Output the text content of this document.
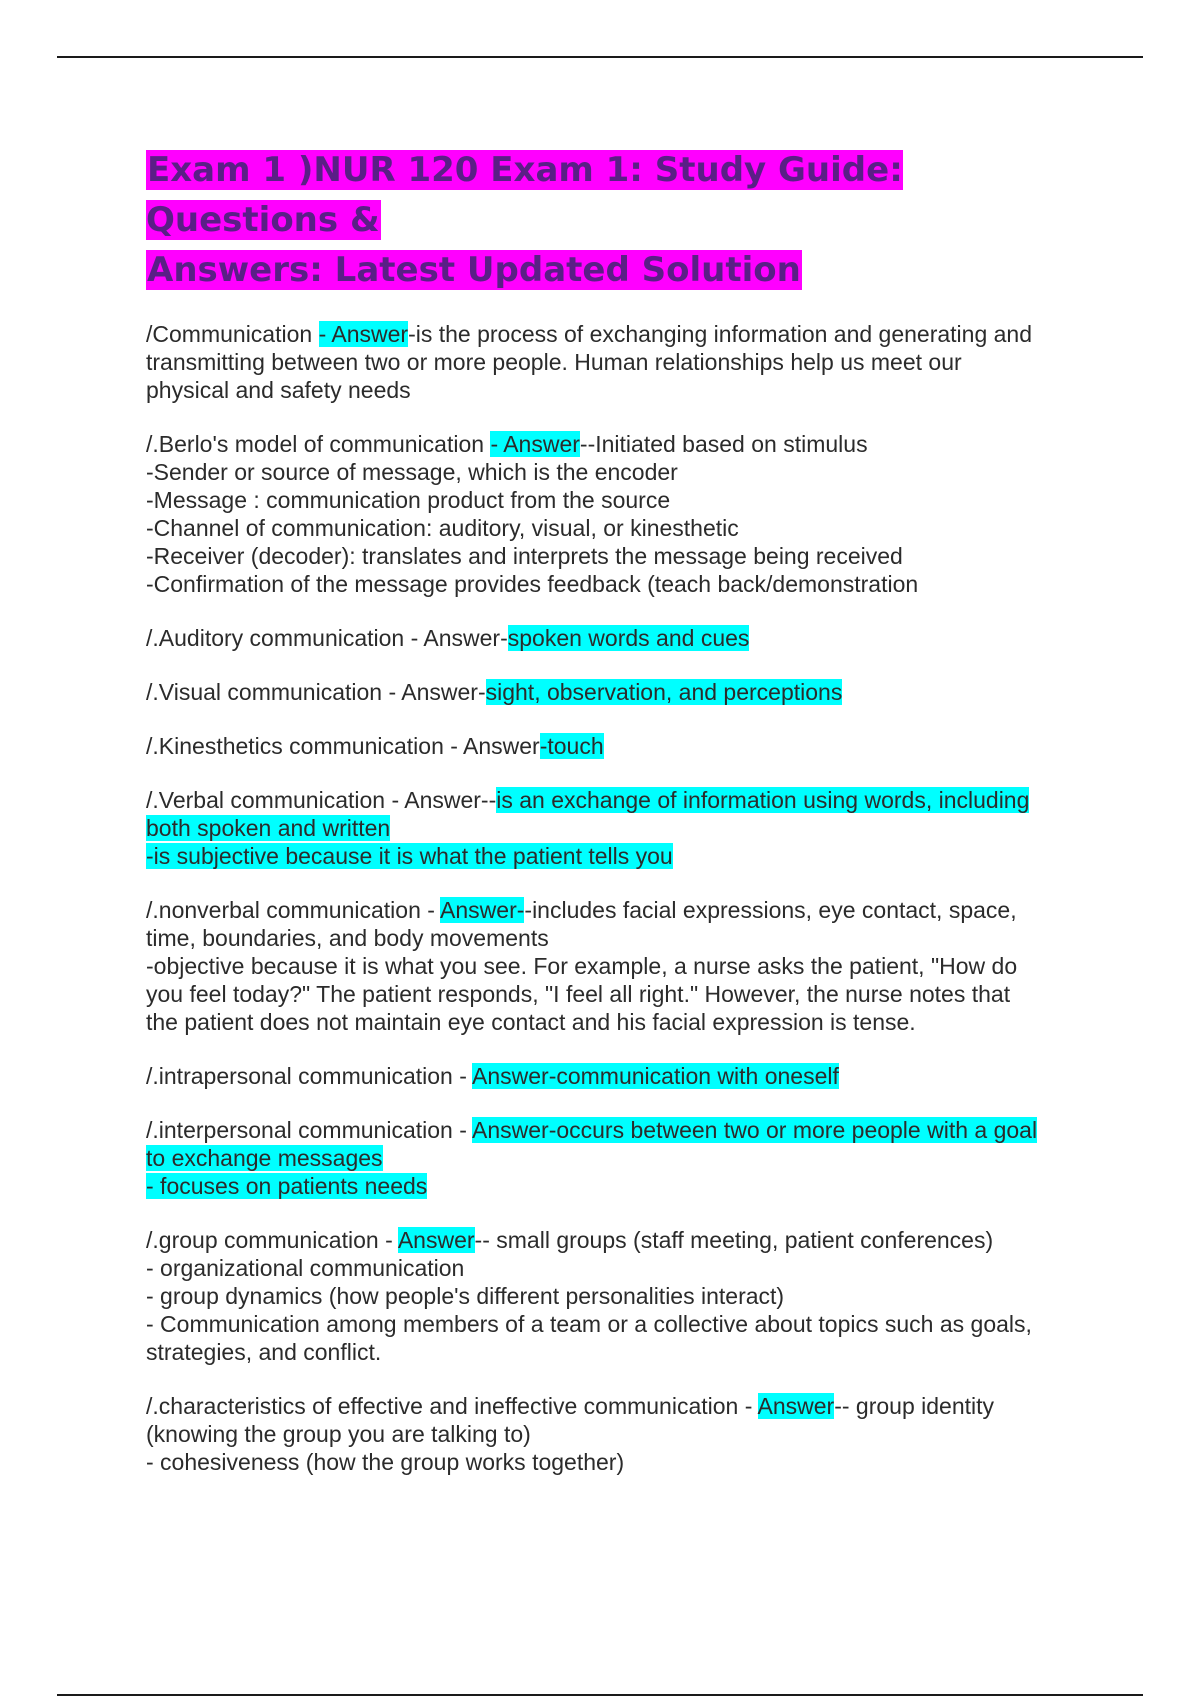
Exam 1 )NUR 120 Exam 1: Study Guide: Questions &
Answers: Latest Updated Solution
/Communication - Answer-is the process of exchanging information and generating and
transmitting between two or more people. Human relationships help us meet our
physical and safety needs
/.Berlo's model of communication - Answer--Initiated based on stimulus
-Sender or source of message, which is the encoder
-Message : communication product from the source
-Channel of communication: auditory, visual, or kinesthetic
-Receiver (decoder): translates and interprets the message being received
-Confirmation of the message provides feedback (teach back/demonstration
/.Auditory communication - Answer-spoken words and cues
/.Visual communication - Answer-sight, observation, and perceptions
/.Kinesthetics communication - Answer-touch
/.Verbal communication - Answer--is an exchange of information using words, including
both spoken and written
-is subjective because it is what the patient tells you
/.nonverbal communication - Answer--includes facial expressions, eye contact, space,
time, boundaries, and body movements
-objective because it is what you see. For example, a nurse asks the patient, "How do
you feel today?" The patient responds, "I feel all right." However, the nurse notes that
the patient does not maintain eye contact and his facial expression is tense.
/.intrapersonal communication - Answer-communication with oneself
/.interpersonal communication - Answer-occurs between two or more people with a goal
to exchange messages
- focuses on patients needs
/.group communication - Answer-- small groups (staff meeting, patient conferences)
- organizational communication
- group dynamics (how people's different personalities interact)
- Communication among members of a team or a collective about topics such as goals,
strategies, and conflict.
/.characteristics of effective and ineffective communication - Answer-- group identity
(knowing the group you are talking to)
- cohesiveness (how the group works together)
